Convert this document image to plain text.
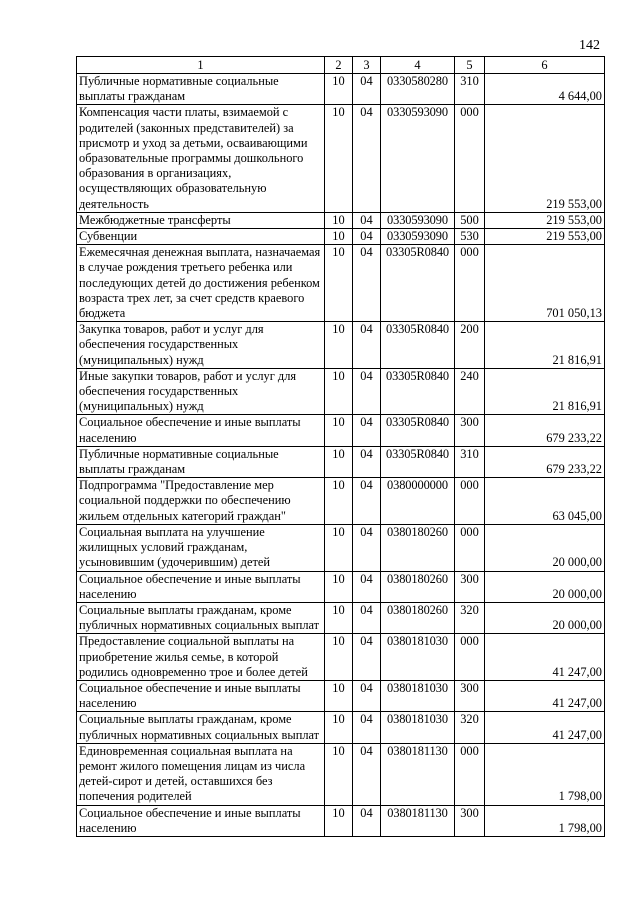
142
1	2	3	4	5	6
Публичные нормативные социальные выплаты гражданам	10	04	0330580280	310	4 644,00
Компенсация части платы, взимаемой с родителей (законных представителей) за присмотр и уход за детьми, осваивающими образовательные программы дошкольного образования в организациях, осуществляющих образовательную деятельность	10	04	0330593090	000	219 553,00
Межбюджетные трансферты	10	04	0330593090	500	219 553,00
Субвенции	10	04	0330593090	530	219 553,00
Ежемесячная денежная выплата, назначаемая в случае рождения третьего ребенка или последующих детей до достижения ребенком возраста трех лет, за счет средств краевого бюджета	10	04	03305R0840	000	701 050,13
Закупка товаров, работ и услуг для обеспечения государственных (муниципальных) нужд	10	04	03305R0840	200	21 816,91
Иные закупки товаров, работ и услуг для обеспечения государственных (муниципальных) нужд	10	04	03305R0840	240	21 816,91
Социальное обеспечение и иные выплаты населению	10	04	03305R0840	300	679 233,22
Публичные нормативные социальные выплаты гражданам	10	04	03305R0840	310	679 233,22
Подпрограмма "Предоставление мер социальной поддержки по обеспечению жильем отдельных категорий граждан"	10	04	0380000000	000	63 045,00
Социальная выплата на улучшение жилищных условий гражданам, усыновившим (удочерившим) детей	10	04	0380180260	000	20 000,00
Социальное обеспечение и иные выплаты населению	10	04	0380180260	300	20 000,00
Социальные выплаты гражданам, кроме публичных нормативных социальных выплат	10	04	0380180260	320	20 000,00
Предоставление социальной выплаты на приобретение жилья семье, в которой родились одновременно трое и более детей	10	04	0380181030	000	41 247,00
Социальное обеспечение и иные выплаты населению	10	04	0380181030	300	41 247,00
Социальные выплаты гражданам, кроме публичных нормативных социальных выплат	10	04	0380181030	320	41 247,00
Единовременная социальная выплата на ремонт жилого помещения лицам из числа детей-сирот и детей, оставшихся без попечения родителей	10	04	0380181130	000	1 798,00
Социальное обеспечение и иные выплаты населению	10	04	0380181130	300	1 798,00
